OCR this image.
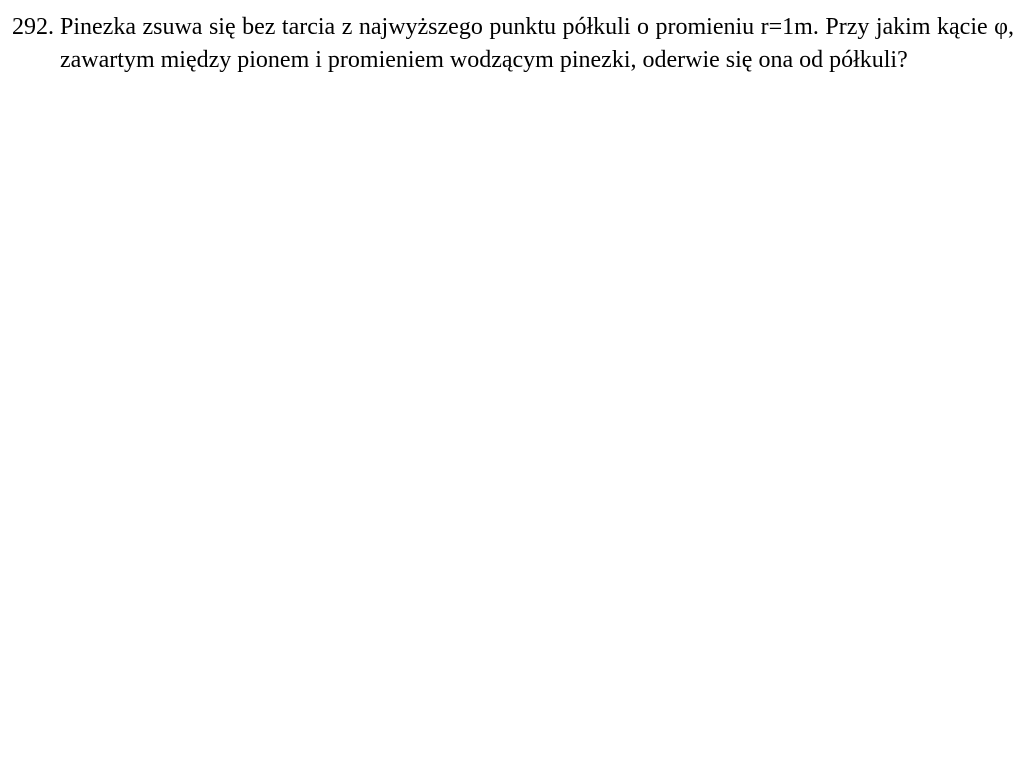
292. Pinezka zsuwa się bez tarcia z najwyższego punktu półkuli o promieniu r=1m. Przy jakim kącie φ, zawartym między pionem i promieniem wodzącym pinezki, oderwie się ona od półkuli?
